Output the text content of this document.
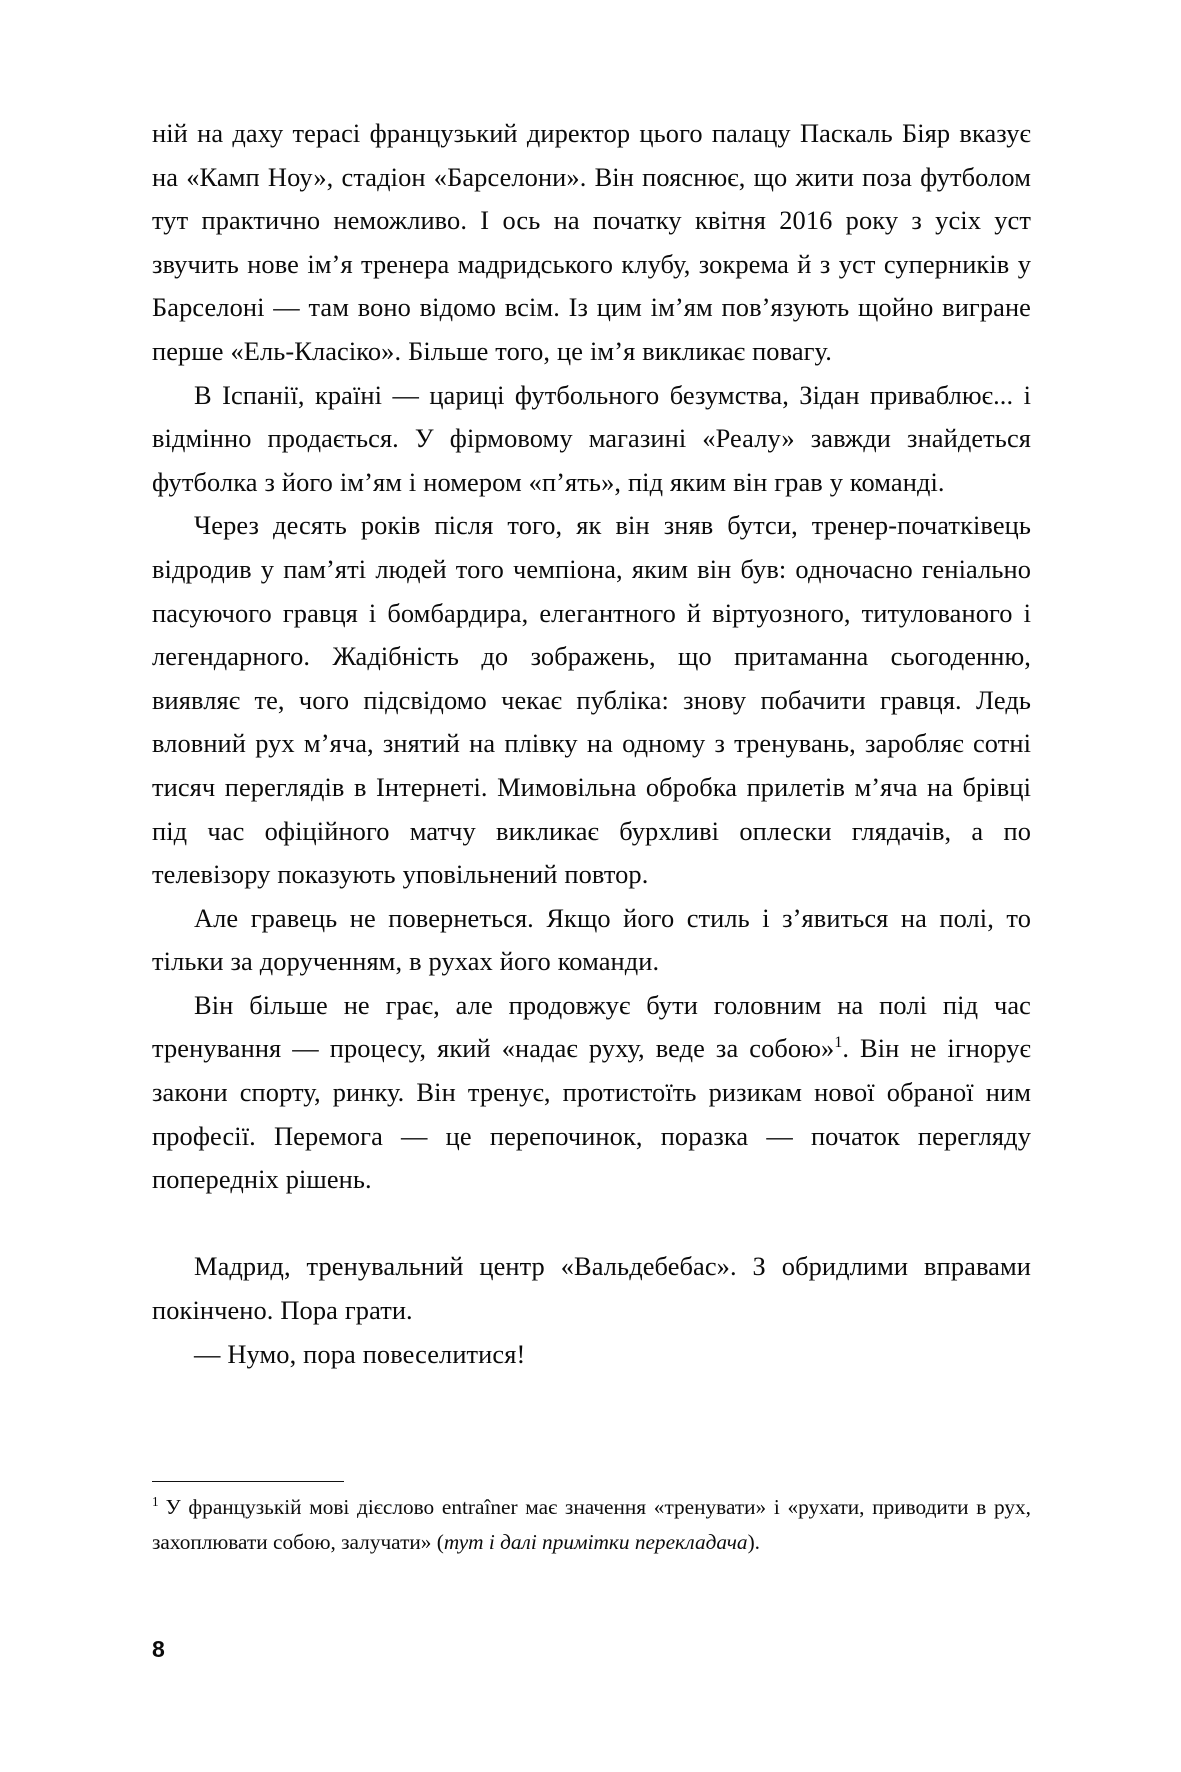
ній на даху терасі французький директор цього палацу Паскаль Біяр вказує на «Камп Ноу», стадіон «Барселони». Він пояснює, що жити поза футболом тут практично неможливо. І ось на початку квітня 2016 року з усіх уст звучить нове ім’я тренера мадридського клубу, зокрема й з уст суперників у Барселоні — там воно відомо всім. Із цим ім’ям пов’язують щойно вигране перше «Ель-Класіко». Більше того, це ім’я викликає повагу.

В Іспанії, країні — цариці футбольного безумства, Зідан приваблює... і відмінно продається. У фірмовому магазині «Реалу» завжди знайдеться футболка з його ім’ям і номером «п’ять», під яким він грав у команді.

Через десять років після того, як він зняв бутси, тренер-початківець відродив у пам’яті людей того чемпіона, яким він був: одночасно геніально пасуючого гравця і бомбардира, елегантного й віртуозного, титулованого і легендарного. Жадібність до зображень, що притаманна сьогоденню, виявляє те, чого підсвідомо чекає публіка: знову побачити гравця. Ледь вловний рух м’яча, знятий на плівку на одному з тренувань, заробляє сотні тисяч переглядів в Інтернеті. Мимовільна обробка прилетів м’яча на брівці під час офіційного матчу викликає бурхливі оплески глядачів, а по телевізору показують уповільнений повтор.

Але гравець не повернеться. Якщо його стиль і з’явиться на полі, то тільки за дорученням, в рухах його команди.

Він більше не грає, але продовжує бути головним на полі під час тренування — процесу, який «надає руху, веде за собою»$^1$. Він не ігнорує закони спорту, ринку. Він тренує, протистоїть ризикам нової обраної ним професії. Перемога — це перепочинок, поразка — початок перегляду попередніх рішень.

Мадрид, тренувальний центр «Вальдебебас». З обридлими вправами покінчено. Пора грати.

— Нумо, пора повеселитися!

$^1$ У французькій мові дієслово entraîner має значення «тренувати» і «рухати, приводити в рух, захоплювати собою, залучати» (тут і далі примітки перекладача).

8
